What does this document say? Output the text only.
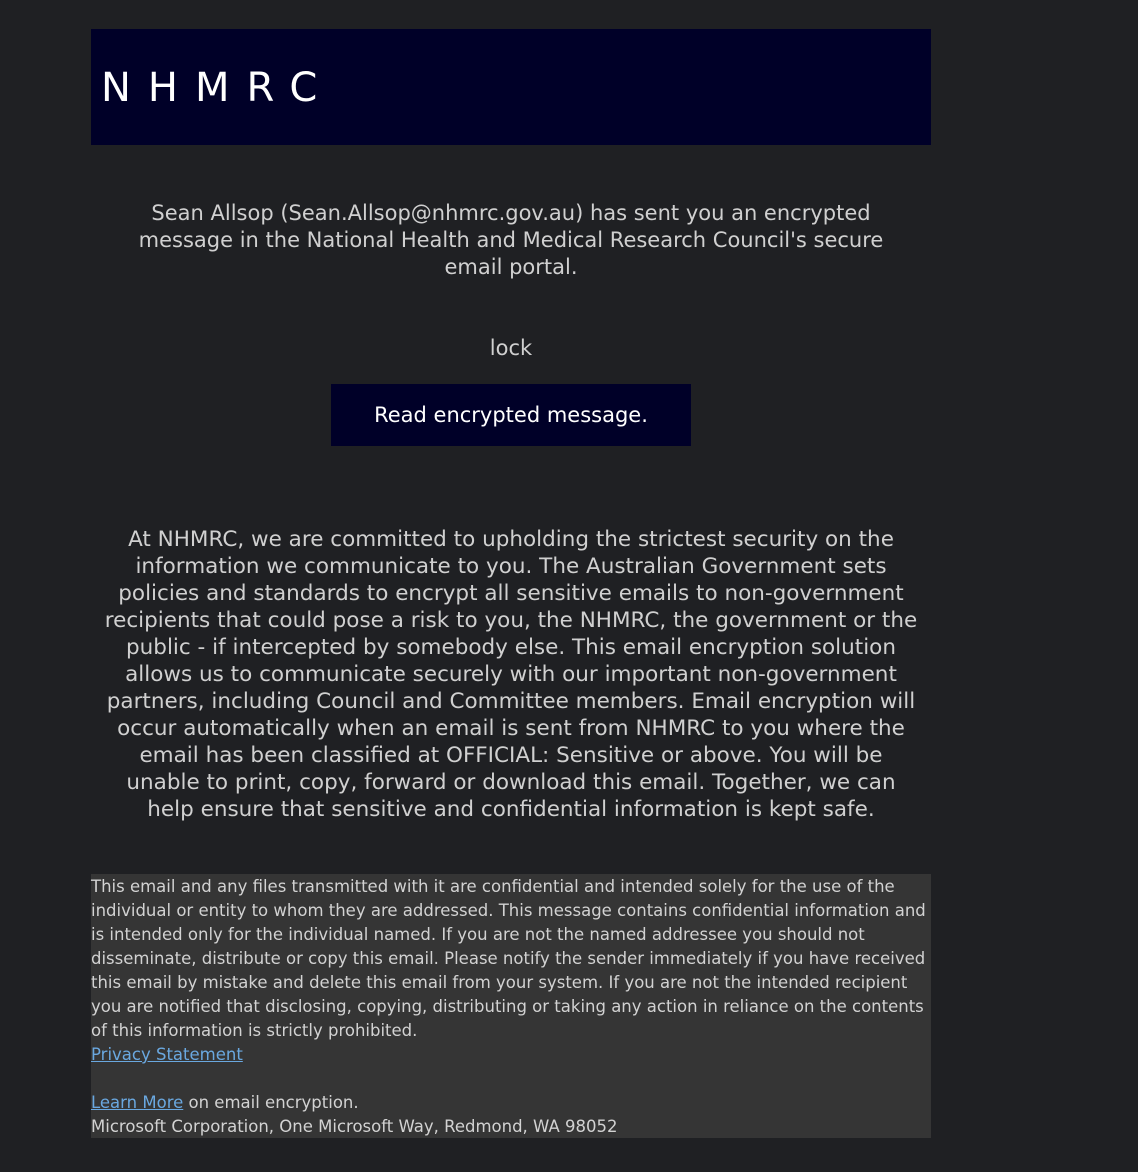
NHMRC
Sean Allsop (Sean.Allsop@nhmrc.gov.au) has sent you an encrypted message in the National Health and Medical Research Council's secure email portal.
lock
Read encrypted message.
At NHMRC, we are committed to upholding the strictest security on the information we communicate to you. The Australian Government sets policies and standards to encrypt all sensitive emails to non-government recipients that could pose a risk to you, the NHMRC, the government or the public - if intercepted by somebody else. This email encryption solution allows us to communicate securely with our important non-government partners, including Council and Committee members. Email encryption will occur automatically when an email is sent from NHMRC to you where the email has been classified at OFFICIAL: Sensitive or above. You will be unable to print, copy, forward or download this email. Together, we can help ensure that sensitive and confidential information is kept safe.

This email and any files transmitted with it are confidential and intended solely for the use of the individual or entity to whom they are addressed. This message contains confidential information and is intended only for the individual named. If you are not the named addressee you should not disseminate, distribute or copy this email. Please notify the sender immediately if you have received this email by mistake and delete this email from your system. If you are not the intended recipient you are notified that disclosing, copying, distributing or taking any action in reliance on the contents of this information is strictly prohibited.

Privacy Statement

Learn More on email encryption.

Microsoft Corporation, One Microsoft Way, Redmond, WA 98052
